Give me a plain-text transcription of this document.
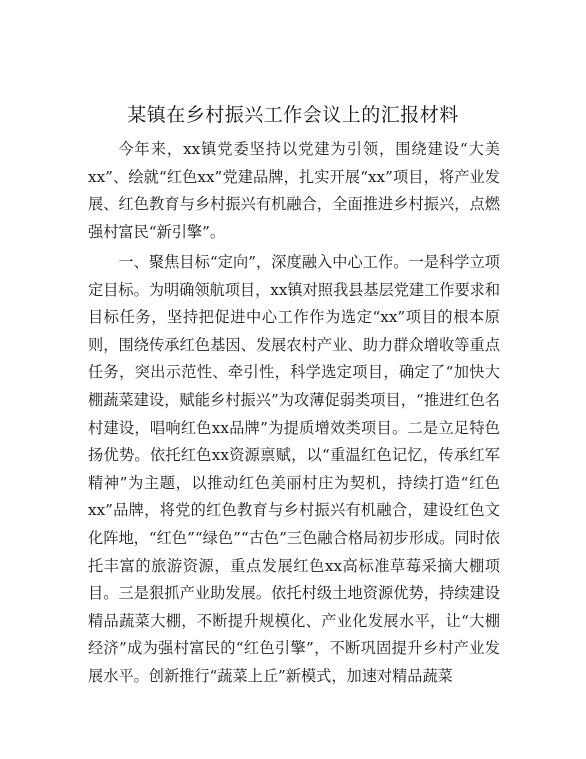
某镇在乡村振兴工作会议上的汇报材料

今年来，xx镇党委坚持以党建为引领，围绕建设“大美xx”、绘就“红色xx”党建品牌，扎实开展“xx”项目，将产业发展、红色教育与乡村振兴有机融合，全面推进乡村振兴，点燃强村富民“新引擎”。

一、聚焦目标“定向”，深度融入中心工作。一是科学立项定目标。为明确领航项目，xx镇对照我县基层党建工作要求和目标任务，坚持把促进中心工作作为选定“xx”项目的根本原则，围绕传承红色基因、发展农村产业、助力群众增收等重点任务，突出示范性、牵引性，科学选定项目，确定了“加快大棚蔬菜建设，赋能乡村振兴”为攻薄促弱类项目，“推进红色名村建设，唱响红色xx品牌”为提质增效类项目。二是立足特色扬优势。依托红色xx资源禀赋，以“重温红色记忆，传承红军精神”为主题，以推动红色美丽村庄为契机，持续打造“红色xx”品牌，将党的红色教育与乡村振兴有机融合，建设红色文化阵地，“红色”“绿色”“古色”三色融合格局初步形成。同时依托丰富的旅游资源，重点发展红色xx高标准草莓采摘大棚项目。三是狠抓产业助发展。依托村级土地资源优势，持续建设精品蔬菜大棚，不断提升规模化、产业化发展水平，让“大棚经济”成为强村富民的“红色引擎”，不断巩固提升乡村产业发展水平。创新推行“蔬菜上丘”新模式，加速对精品蔬菜
